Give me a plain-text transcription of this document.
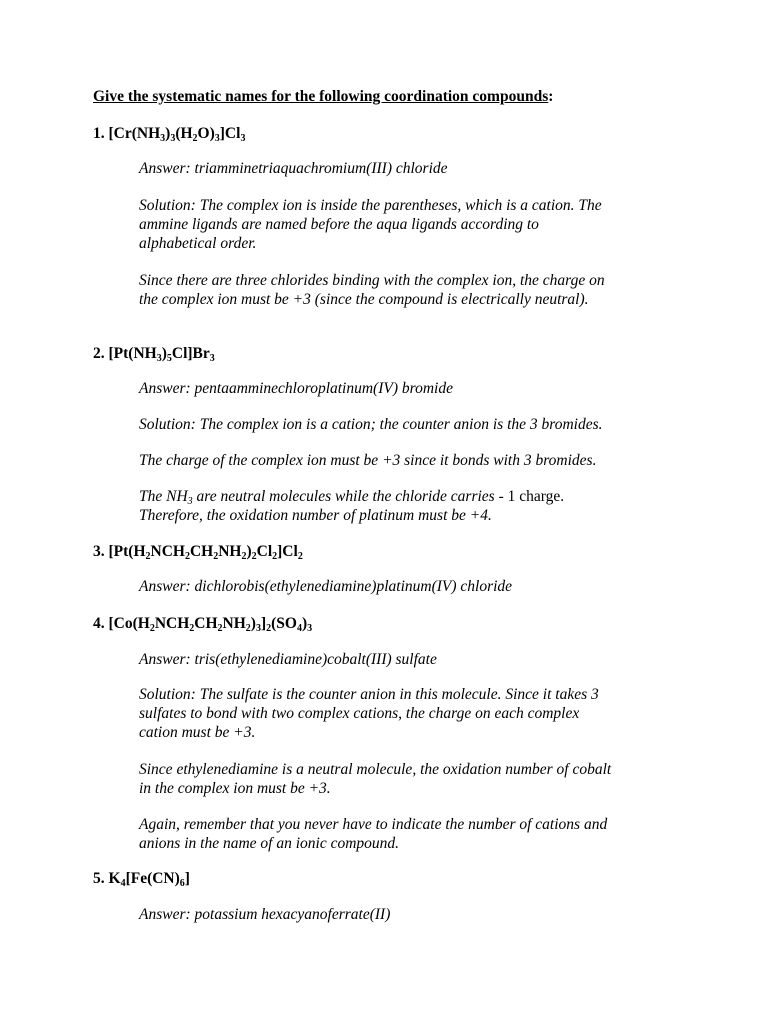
Give the systematic names for the following coordination compounds:
1. $[Cr(NH_3)_3(H_2O)_3]Cl_3$
Answer: triamminetriaquachromium(III) chloride
Solution: The complex ion is inside the parentheses, which is a cation. The
ammine ligands are named before the aqua ligands according to
alphabetical order.
Since there are three chlorides binding with the complex ion, the charge on
the complex ion must be +3 (since the compound is electrically neutral).
2. $[Pt(NH_3)_5Cl]Br_3$
Answer: pentaamminechloroplatinum(IV) bromide
Solution: The complex ion is a cation; the counter anion is the 3 bromides.
The charge of the complex ion must be +3 since it bonds with 3 bromides.
The $NH_3$ are neutral molecules while the chloride carries - 1 charge.
Therefore, the oxidation number of platinum must be +4.
3. $[Pt(H_2NCH_2CH_2NH_2)_2Cl_2]Cl_2$
Answer: dichlorobis(ethylenediamine)platinum(IV) chloride
4. $[Co(H_2NCH_2CH_2NH_2)_3]_2(SO_4)_3$
Answer: tris(ethylenediamine)cobalt(III) sulfate
Solution: The sulfate is the counter anion in this molecule. Since it takes 3
sulfates to bond with two complex cations, the charge on each complex
cation must be +3.
Since ethylenediamine is a neutral molecule, the oxidation number of cobalt
in the complex ion must be +3.
Again, remember that you never have to indicate the number of cations and
anions in the name of an ionic compound.
5. $K_4[Fe(CN)_6]$
Answer: potassium hexacyanoferrate(II)
